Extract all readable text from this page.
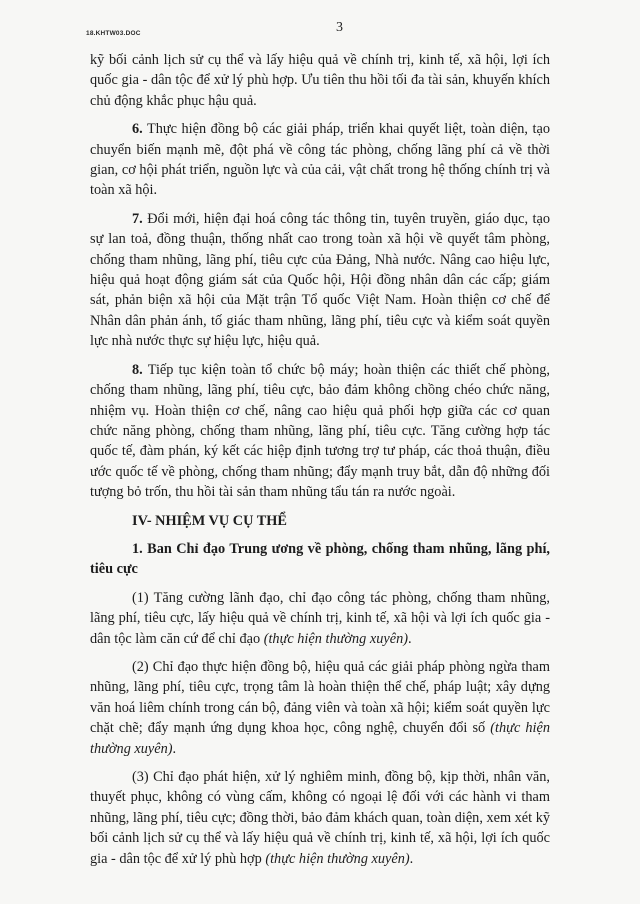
18.KHTW03.DOC	3

kỹ bối cảnh lịch sử cụ thể và lấy hiệu quả về chính trị, kinh tế, xã hội, lợi ích quốc gia - dân tộc để xử lý phù hợp. Ưu tiên thu hồi tối đa tài sản, khuyến khích chủ động khắc phục hậu quả.

6. Thực hiện đồng bộ các giải pháp, triển khai quyết liệt, toàn diện, tạo chuyển biến mạnh mẽ, đột phá về công tác phòng, chống lãng phí cả về thời gian, cơ hội phát triển, nguồn lực và của cải, vật chất trong hệ thống chính trị và toàn xã hội.

7. Đổi mới, hiện đại hoá công tác thông tin, tuyên truyền, giáo dục, tạo sự lan toả, đồng thuận, thống nhất cao trong toàn xã hội về quyết tâm phòng, chống tham nhũng, lãng phí, tiêu cực của Đảng, Nhà nước. Nâng cao hiệu lực, hiệu quả hoạt động giám sát của Quốc hội, Hội đồng nhân dân các cấp; giám sát, phản biện xã hội của Mặt trận Tổ quốc Việt Nam. Hoàn thiện cơ chế để Nhân dân phản ánh, tố giác tham nhũng, lãng phí, tiêu cực và kiểm soát quyền lực nhà nước thực sự hiệu lực, hiệu quả.

8. Tiếp tục kiện toàn tổ chức bộ máy; hoàn thiện các thiết chế phòng, chống tham nhũng, lãng phí, tiêu cực, bảo đảm không chồng chéo chức năng, nhiệm vụ. Hoàn thiện cơ chế, nâng cao hiệu quả phối hợp giữa các cơ quan chức năng phòng, chống tham nhũng, lãng phí, tiêu cực. Tăng cường hợp tác quốc tế, đàm phán, ký kết các hiệp định tương trợ tư pháp, các thoả thuận, điều ước quốc tế về phòng, chống tham nhũng; đẩy mạnh truy bắt, dẫn độ những đối tượng bỏ trốn, thu hồi tài sản tham nhũng tẩu tán ra nước ngoài.

IV- NHIỆM VỤ CỤ THỂ

1. Ban Chỉ đạo Trung ương về phòng, chống tham nhũng, lãng phí, tiêu cực

(1) Tăng cường lãnh đạo, chỉ đạo công tác phòng, chống tham nhũng, lãng phí, tiêu cực, lấy hiệu quả về chính trị, kinh tế, xã hội và lợi ích quốc gia - dân tộc làm căn cứ để chỉ đạo (thực hiện thường xuyên).

(2) Chỉ đạo thực hiện đồng bộ, hiệu quả các giải pháp phòng ngừa tham nhũng, lãng phí, tiêu cực, trọng tâm là hoàn thiện thể chế, pháp luật; xây dựng văn hoá liêm chính trong cán bộ, đảng viên và toàn xã hội; kiểm soát quyền lực chặt chẽ; đẩy mạnh ứng dụng khoa học, công nghệ, chuyển đổi số (thực hiện thường xuyên).

(3) Chỉ đạo phát hiện, xử lý nghiêm minh, đồng bộ, kịp thời, nhân văn, thuyết phục, không có vùng cấm, không có ngoại lệ đối với các hành vi tham nhũng, lãng phí, tiêu cực; đồng thời, bảo đảm khách quan, toàn diện, xem xét kỹ bối cảnh lịch sử cụ thể và lấy hiệu quả về chính trị, kinh tế, xã hội, lợi ích quốc gia - dân tộc để xử lý phù hợp (thực hiện thường xuyên).
